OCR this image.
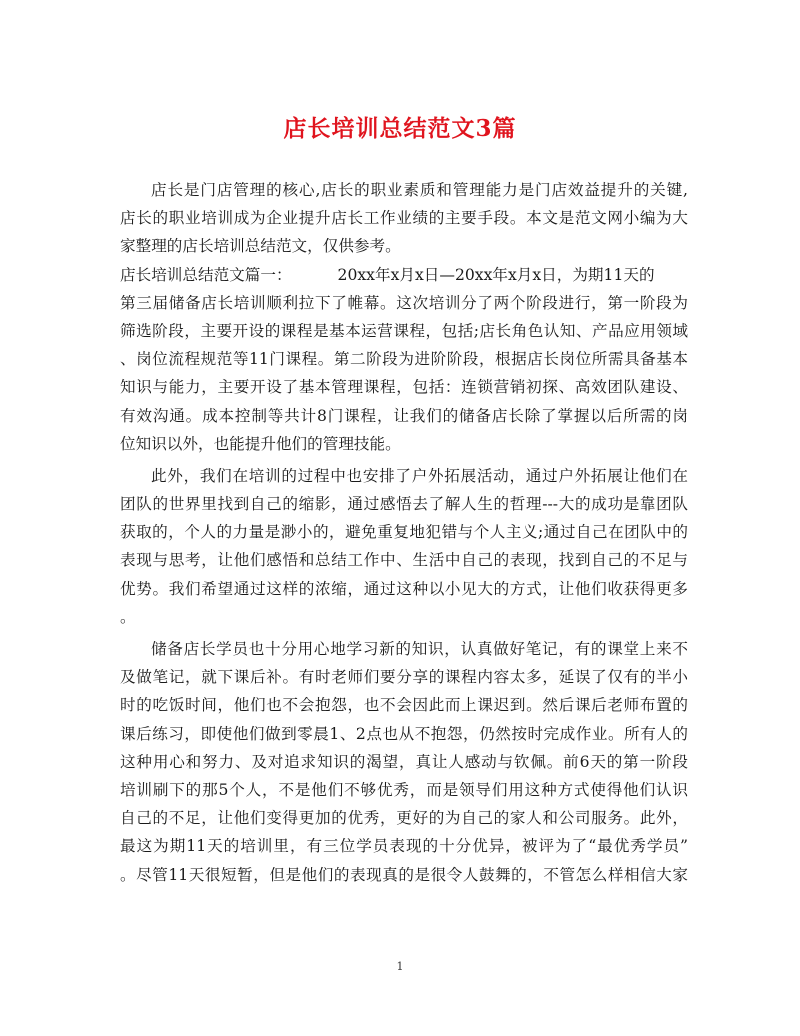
店长培训总结范文3篇
店长是门店管理的核心,店长的职业素质和管理能力是门店效益提升的关键,
店长的职业培训成为企业提升店长工作业绩的主要手段。本文是范文网小编为大
家整理的店长培训总结范文，仅供参考。
店长培训总结范文篇一：	20xx年x月x日—20xx年x月x日，为期11天的
第三届储备店长培训顺利拉下了帷幕。这次培训分了两个阶段进行，第一阶段为
筛选阶段，主要开设的课程是基本运营课程，包括;店长角色认知、产品应用领域
、岗位流程规范等11门课程。第二阶段为进阶阶段，根据店长岗位所需具备基本
知识与能力，主要开设了基本管理课程，包括：连锁营销初探、高效团队建设、
有效沟通。成本控制等共计8门课程，让我们的储备店长除了掌握以后所需的岗
位知识以外，也能提升他们的管理技能。
此外，我们在培训的过程中也安排了户外拓展活动，通过户外拓展让他们在
团队的世界里找到自己的缩影，通过感悟去了解人生的哲理---大的成功是靠团队
获取的，个人的力量是渺小的，避免重复地犯错与个人主义;通过自己在团队中的
表现与思考，让他们感悟和总结工作中、生活中自己的表现，找到自己的不足与
优势。我们希望通过这样的浓缩，通过这种以小见大的方式，让他们收获得更多
。
储备店长学员也十分用心地学习新的知识，认真做好笔记，有的课堂上来不
及做笔记，就下课后补。有时老师们要分享的课程内容太多，延误了仅有的半小
时的吃饭时间，他们也不会抱怨，也不会因此而上课迟到。然后课后老师布置的
课后练习，即使他们做到零晨1、2点也从不抱怨，仍然按时完成作业。所有人的
这种用心和努力、及对追求知识的渴望，真让人感动与钦佩。前6天的第一阶段
培训刷下的那5个人，不是他们不够优秀，而是领导们用这种方式使得他们认识
自己的不足，让他们变得更加的优秀，更好的为自己的家人和公司服务。此外，
最这为期11天的培训里，有三位学员表现的十分优异，被评为了“最优秀学员”
。尽管11天很短暂，但是他们的表现真的是很令人鼓舞的，不管怎么样相信大家
1
